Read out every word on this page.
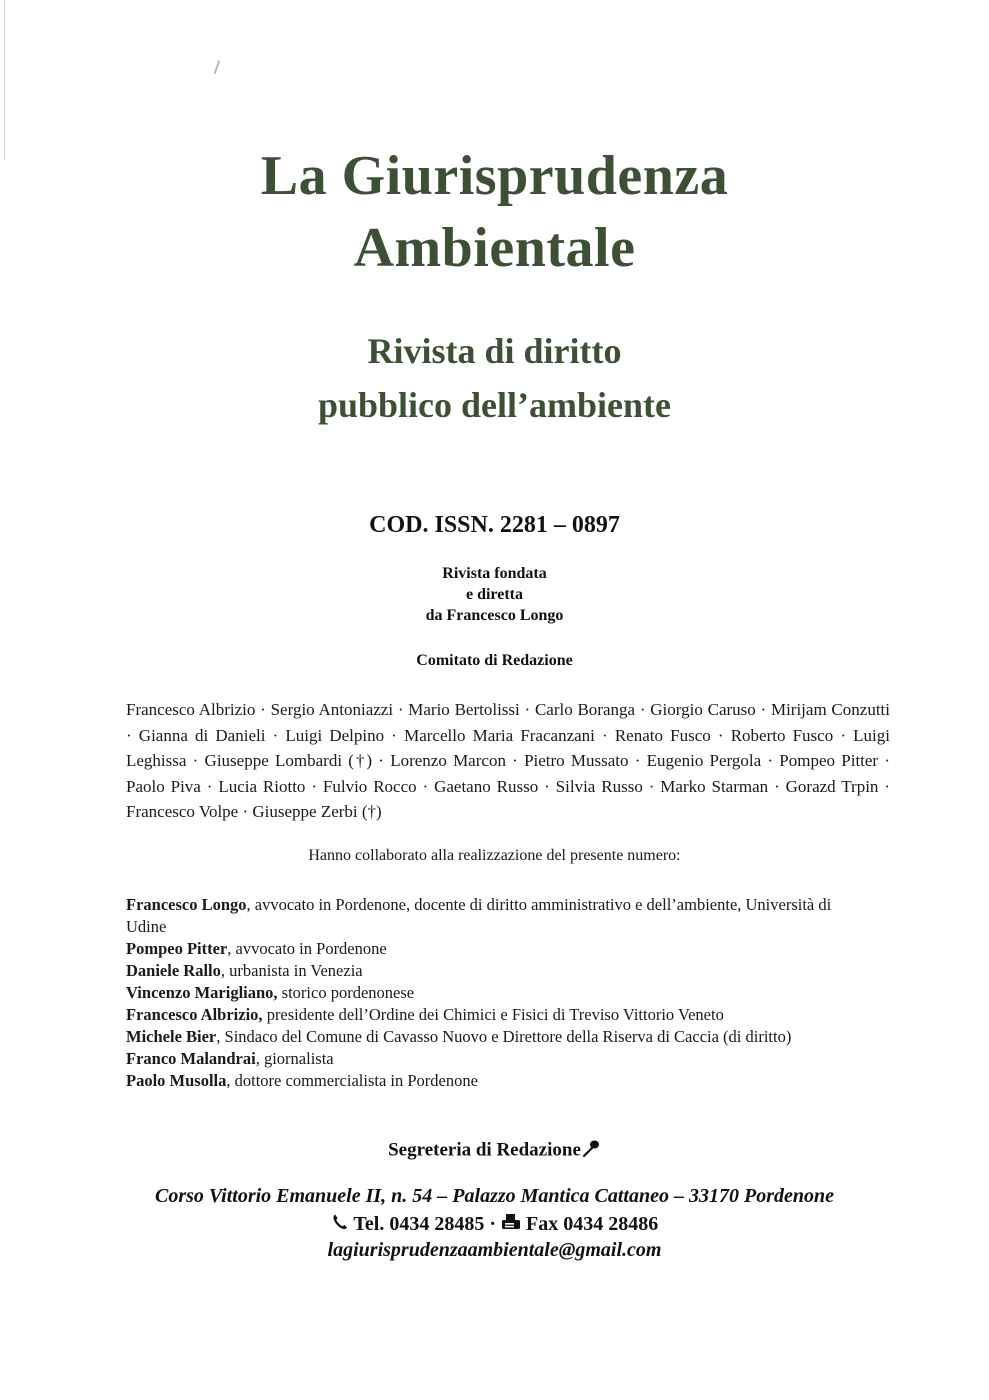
La Giurisprudenza
Ambientale
Rivista di diritto
pubblico dell’ambiente
COD. ISSN. 2281 – 0897
Rivista fondata
e diretta
da Francesco Longo
Comitato di Redazione
Francesco Albrizio · Sergio Antoniazzi · Mario Bertolissi · Carlo Boranga · Giorgio Caruso · Mirijam Conzutti · Gianna di Danieli · Luigi Delpino · Marcello Maria Fracanzani · Renato Fusco · Roberto Fusco · Luigi Leghissa · Giuseppe Lombardi (†) · Lorenzo Marcon · Pietro Mussato · Eugenio Pergola · Pompeo Pitter · Paolo Piva · Lucia Riotto · Fulvio Rocco · Gaetano Russo · Silvia Russo · Marko Starman · Gorazd Trpin · Francesco Volpe · Giuseppe Zerbi (†)
Hanno collaborato alla realizzazione del presente numero:
Francesco Longo, avvocato in Pordenone, docente di diritto amministrativo e dell’ambiente, Università di Udine
Pompeo Pitter, avvocato in Pordenone
Daniele Rallo, urbanista in Venezia
Vincenzo Marigliano, storico pordenonese
Francesco Albrizio, presidente dell’Ordine dei Chimici e Fisici di Treviso Vittorio Veneto
Michele Bier, Sindaco del Comune di Cavasso Nuovo e Direttore della Riserva di Caccia (di diritto)
Franco Malandrai, giornalista
Paolo Musolla, dottore commercialista in Pordenone
Segreteria di Redazione
Corso Vittorio Emanuele II, n. 54 – Palazzo Mantica Cattaneo – 33170 Pordenone
Tel. 0434 28485 · Fax 0434 28486
lagiurisprudenzaambientale@gmail.com
